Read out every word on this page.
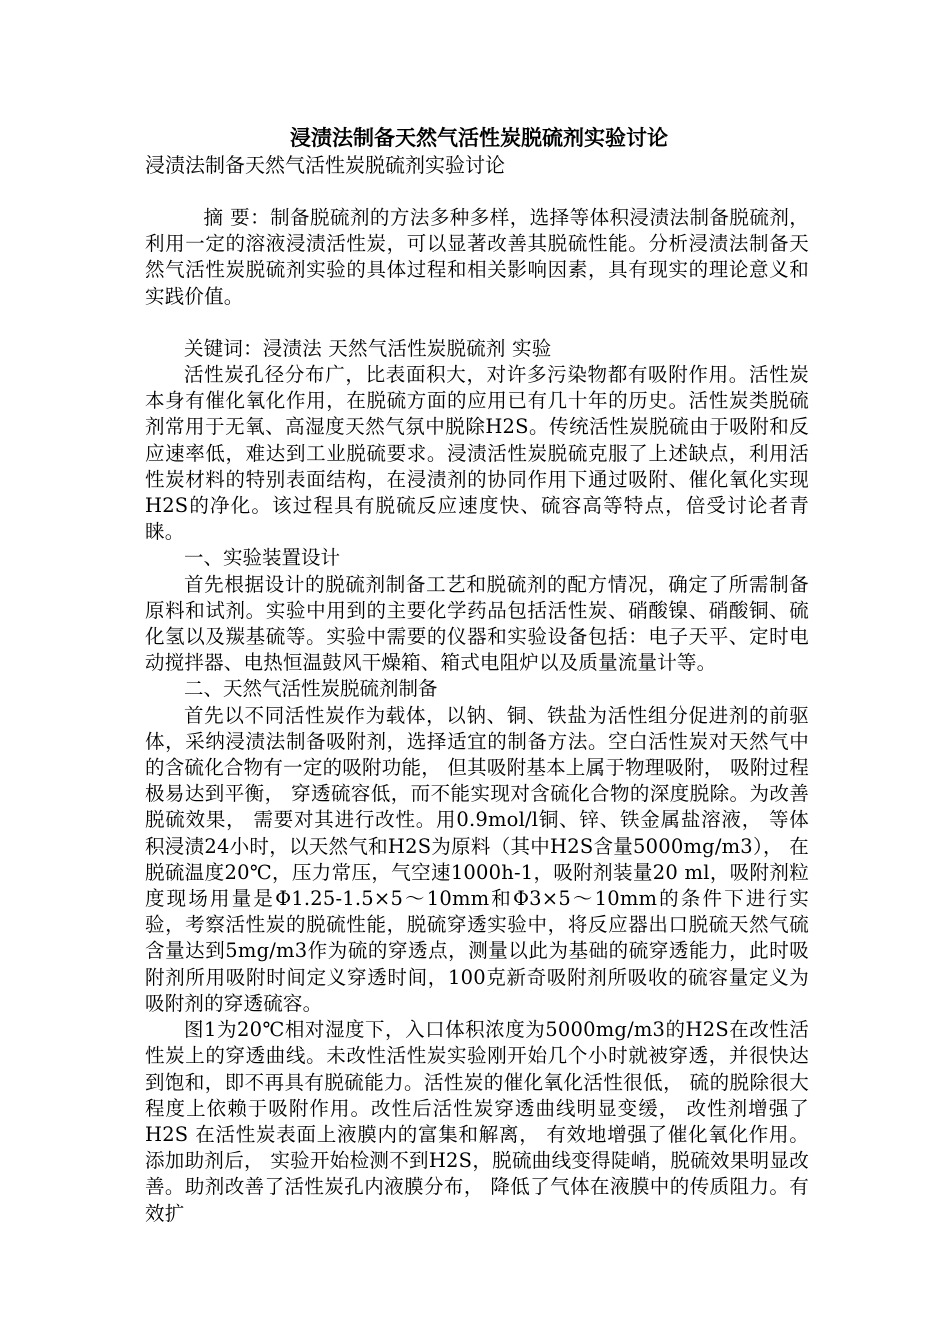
浸渍法制备天然气活性炭脱硫剂实验讨论

浸渍法制备天然气活性炭脱硫剂实验讨论

摘 要：制备脱硫剂的方法多种多样，选择等体积浸渍法制备脱硫剂，利用一定的溶液浸渍活性炭，可以显著改善其脱硫性能。分析浸渍法制备天然气活性炭脱硫剂实验的具体过程和相关影响因素，具有现实的理论意义和实践价值。

关键词：浸渍法 天然气活性炭脱硫剂 实验

活性炭孔径分布广，比表面积大，对许多污染物都有吸附作用。活性炭本身有催化氧化作用，在脱硫方面的应用已有几十年的历史。活性炭类脱硫剂常用于无氧、高湿度天然气氛中脱除H2S。传统活性炭脱硫由于吸附和反应速率低，难达到工业脱硫要求。浸渍活性炭脱硫克服了上述缺点，利用活性炭材料的特别表面结构，在浸渍剂的协同作用下通过吸附、催化氧化实现H2S的净化。该过程具有脱硫反应速度快、硫容高等特点，倍受讨论者青睐。

一、实验装置设计

首先根据设计的脱硫剂制备工艺和脱硫剂的配方情况，确定了所需制备原料和试剂。实验中用到的主要化学药品包括活性炭、硝酸镍、硝酸铜、硫化氢以及羰基硫等。实验中需要的仪器和实验设备包括：电子天平、定时电动搅拌器、电热恒温鼓风干燥箱、箱式电阻炉以及质量流量计等。

二、天然气活性炭脱硫剂制备

首先以不同活性炭作为载体，以钠、铜、铁盐为活性组分促进剂的前驱体，采纳浸渍法制备吸附剂，选择适宜的制备方法。空白活性炭对天然气中的含硫化合物有一定的吸附功能， 但其吸附基本上属于物理吸附， 吸附过程极易达到平衡， 穿透硫容低，而不能实现对含硫化合物的深度脱除。为改善脱硫效果， 需要对其进行改性。用0.9mol/l铜、锌、铁金属盐溶液， 等体积浸渍24小时，以天然气和H2S为原料（其中H2S含量5000mg/m3）， 在脱硫温度20℃，压力常压，气空速1000h-1，吸附剂装量20 ml，吸附剂粒度现场用量是Φ1.25-1.5×5～10mm和Φ3×5～10mm的条件下进行实验，考察活性炭的脱硫性能，脱硫穿透实验中，将反应器出口脱硫天然气硫含量达到5mg/m3作为硫的穿透点，测量以此为基础的硫穿透能力，此时吸附剂所用吸附时间定义穿透时间，100克新奇吸附剂所吸收的硫容量定义为吸附剂的穿透硫容。

图1为20℃相对湿度下，入口体积浓度为5000mg/m3的H2S在改性活性炭上的穿透曲线。未改性活性炭实验刚开始几个小时就被穿透，并很快达到饱和，即不再具有脱硫能力。活性炭的催化氧化活性很低， 硫的脱除很大程度上依赖于吸附作用。改性后活性炭穿透曲线明显变缓， 改性剂增强了H2S 在活性炭表面上液膜内的富集和解离， 有效地增强了催化氧化作用。添加助剂后， 实验开始检测不到H2S，脱硫曲线变得陡峭，脱硫效果明显改善。助剂改善了活性炭孔内液膜分布， 降低了气体在液膜中的传质阻力。有效扩
